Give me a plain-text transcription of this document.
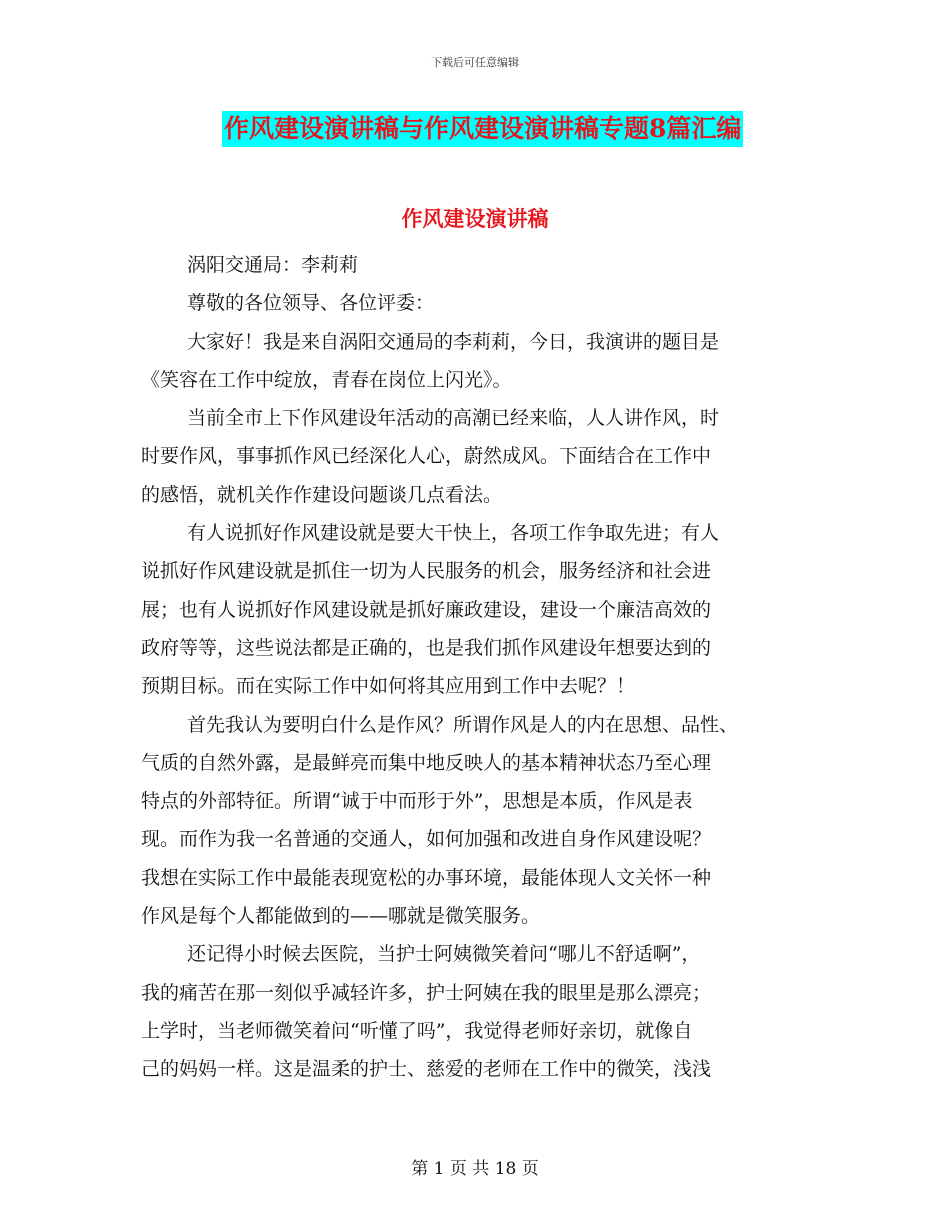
下载后可任意编辑
作风建设演讲稿与作风建设演讲稿专题8篇汇编
作风建设演讲稿
涡阳交通局：李莉莉
尊敬的各位领导、各位评委：
大家好！我是来自涡阳交通局的李莉莉，今日，我演讲的题目是
《笑容在工作中绽放，青春在岗位上闪光》。
当前全市上下作风建设年活动的高潮已经来临，人人讲作风，时
时要作风，事事抓作风已经深化人心，蔚然成风。下面结合在工作中
的感悟，就机关作作建设问题谈几点看法。
有人说抓好作风建设就是要大干快上，各项工作争取先进；有人
说抓好作风建设就是抓住一切为人民服务的机会，服务经济和社会进
展；也有人说抓好作风建设就是抓好廉政建设，建设一个廉洁高效的
政府等等，这些说法都是正确的，也是我们抓作风建设年想要达到的
预期目标。而在实际工作中如何将其应用到工作中去呢？！
首先我认为要明白什么是作风？所谓作风是人的内在思想、品性、
气质的自然外露，是最鲜亮而集中地反映人的基本精神状态乃至心理
特点的外部特征。所谓“诚于中而形于外”，思想是本质，作风是表
现。而作为我一名普通的交通人，如何加强和改进自身作风建设呢？
我想在实际工作中最能表现宽松的办事环境，最能体现人文关怀一种
作风是每个人都能做到的——哪就是微笑服务。
还记得小时候去医院，当护士阿姨微笑着问“哪儿不舒适啊”，
我的痛苦在那一刻似乎减轻许多，护士阿姨在我的眼里是那么漂亮；
上学时，当老师微笑着问“听懂了吗”，我觉得老师好亲切，就像自
己的妈妈一样。这是温柔的护士、慈爱的老师在工作中的微笑，浅浅
第 1 页 共 18 页
